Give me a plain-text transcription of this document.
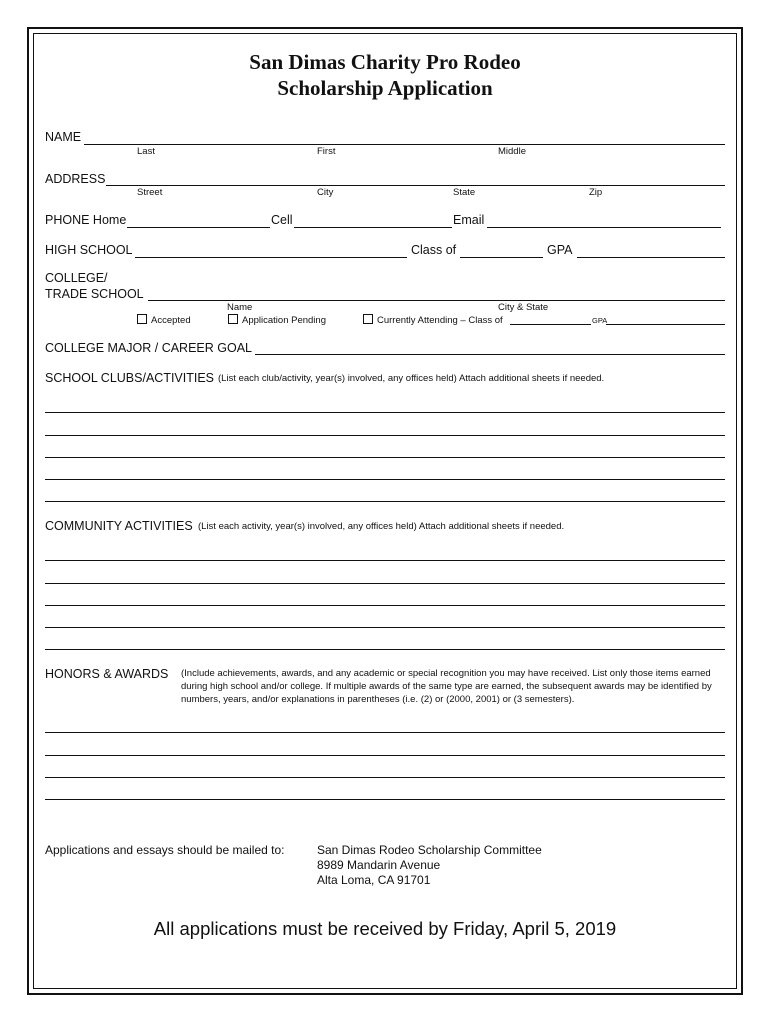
San Dimas Charity Pro Rodeo
Scholarship Application
NAME
Last	First	Middle
ADDRESS
Street	City	State	Zip
PHONE Home	Cell	Email
HIGH SCHOOL	Class of	GPA
COLLEGE/
TRADE SCHOOL
Name	City & State
Accepted	Application Pending	Currently Attending – Class of	GPA
COLLEGE MAJOR / CAREER GOAL
SCHOOL CLUBS/ACTIVITIES (List each club/activity, year(s) involved, any offices held) Attach additional sheets if needed.
COMMUNITY ACTIVITIES (List each activity, year(s) involved, any offices held) Attach additional sheets if needed.
HONORS & AWARDS (Include achievements, awards, and any academic or special recognition you may have received. List only those items earned during high school and/or college. If multiple awards of the same type are earned, the subsequent awards may be identified by numbers, years, and/or explanations in parentheses (i.e. (2) or (2000, 2001) or (3 semesters).
Applications and essays should be mailed to:	San Dimas Rodeo Scholarship Committee
8989 Mandarin Avenue
Alta Loma, CA 91701
All applications must be received by Friday, April 5, 2019
